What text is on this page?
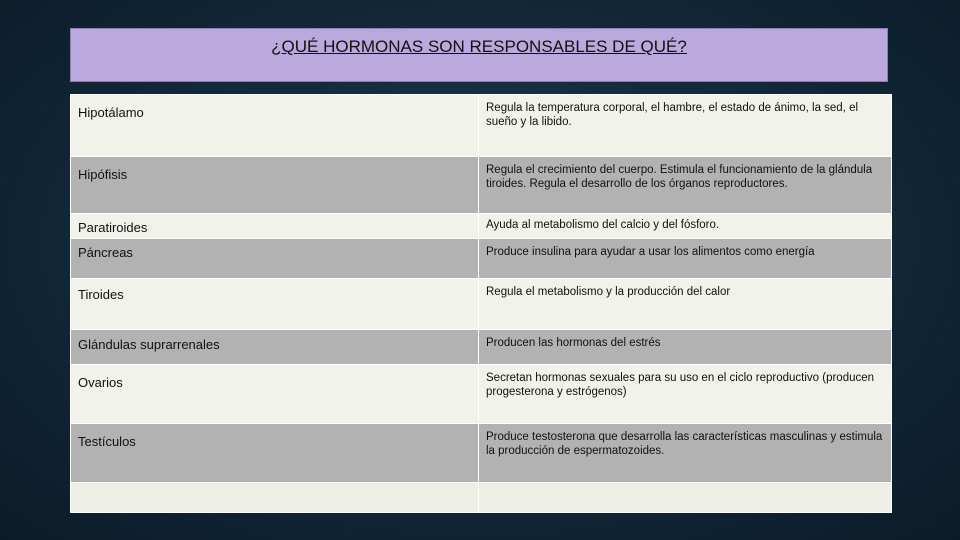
¿QUÉ HORMONAS SON RESPONSABLES DE QUÉ?
Hipotálamo	Regula la temperatura corporal, el hambre, el estado de ánimo, la sed, el sueño y la libido.

Hipófisis	Regula el crecimiento del cuerpo. Estimula el funcionamiento de la glándula tiroides. Regula el desarrollo de los órganos reproductores.

Paratiroides	Ayuda al metabolismo del calcio y del fósforo.

Páncreas	Produce insulina para ayudar a usar los alimentos como energía

Tiroides	Regula el metabolismo y la producción del calor

Glándulas suprarrenales	Producen las hormonas del estrés

Ovarios	Secretan hormonas sexuales para su uso en el ciclo reproductivo (producen progesterona y estrógenos)

Testículos	Produce testosterona que desarrolla las características masculinas y estimula la producción de espermatozoides.
